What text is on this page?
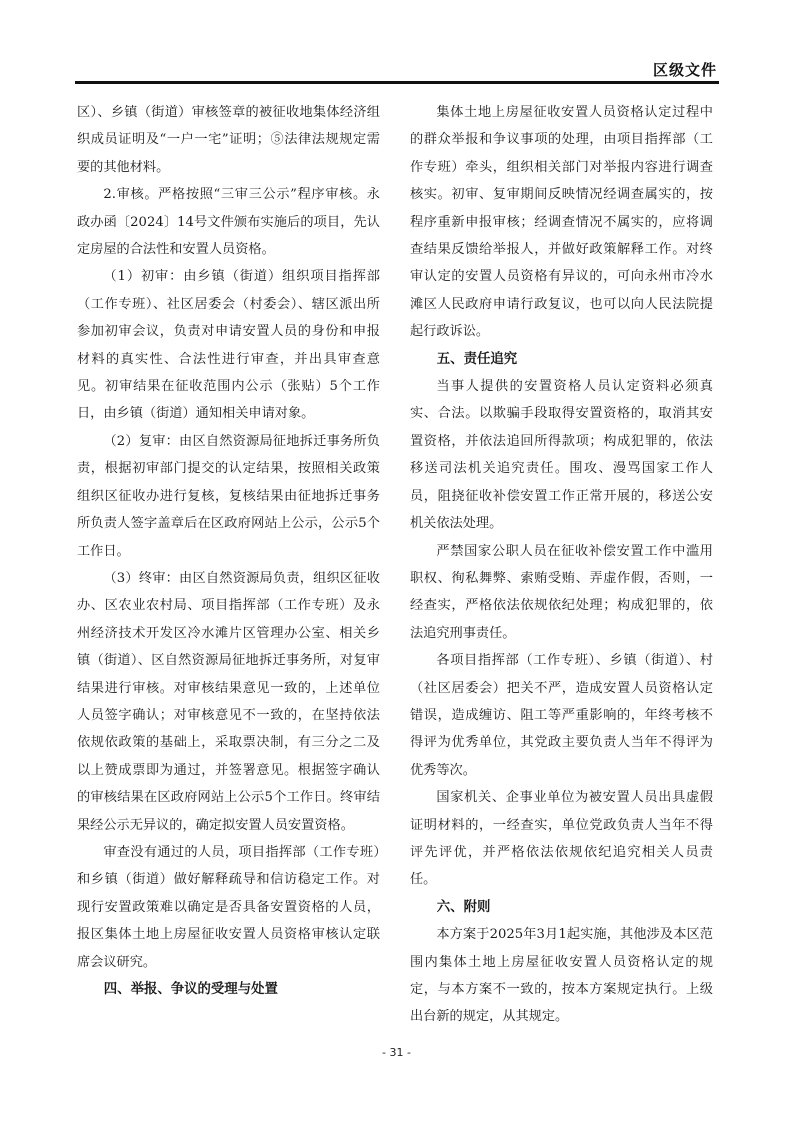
区级文件

区）、乡镇（街道）审核签章的被征收地集体经济组织成员证明及“一户一宅”证明；⑤法律法规规定需要的其他材料。

2.审核。严格按照“三审三公示”程序审核。永政办函〔2024〕14号文件颁布实施后的项目，先认定房屋的合法性和安置人员资格。

（1）初审：由乡镇（街道）组织项目指挥部（工作专班）、社区居委会（村委会）、辖区派出所参加初审会议，负责对申请安置人员的身份和申报材料的真实性、合法性进行审查，并出具审查意见。初审结果在征收范围内公示（张贴）5个工作日，由乡镇（街道）通知相关申请对象。

（2）复审：由区自然资源局征地拆迁事务所负责，根据初审部门提交的认定结果，按照相关政策组织区征收办进行复核，复核结果由征地拆迁事务所负责人签字盖章后在区政府网站上公示，公示5个工作日。

（3）终审：由区自然资源局负责，组织区征收办、区农业农村局、项目指挥部（工作专班）及永州经济技术开发区冷水滩片区管理办公室、相关乡镇（街道）、区自然资源局征地拆迁事务所，对复审结果进行审核。对审核结果意见一致的，上述单位人员签字确认；对审核意见不一致的，在坚持依法依规依政策的基础上，采取票决制，有三分之二及以上赞成票即为通过，并签署意见。根据签字确认的审核结果在区政府网站上公示5个工作日。终审结果经公示无异议的，确定拟安置人员安置资格。

审查没有通过的人员，项目指挥部（工作专班）和乡镇（街道）做好解释疏导和信访稳定工作。对现行安置政策难以确定是否具备安置资格的人员，报区集体土地上房屋征收安置人员资格审核认定联席会议研究。

四、举报、争议的受理与处置

集体土地上房屋征收安置人员资格认定过程中的群众举报和争议事项的处理，由项目指挥部（工作专班）牵头，组织相关部门对举报内容进行调查核实。初审、复审期间反映情况经调查属实的，按程序重新申报审核；经调查情况不属实的，应将调查结果反馈给举报人，并做好政策解释工作。对终审认定的安置人员资格有异议的，可向永州市冷水滩区人民政府申请行政复议，也可以向人民法院提起行政诉讼。

五、责任追究

当事人提供的安置资格人员认定资料必须真实、合法。以欺骗手段取得安置资格的，取消其安置资格，并依法追回所得款项；构成犯罪的，依法移送司法机关追究责任。围攻、漫骂国家工作人员，阻挠征收补偿安置工作正常开展的，移送公安机关依法处理。

严禁国家公职人员在征收补偿安置工作中滥用职权、徇私舞弊、索贿受贿、弄虚作假，否则，一经查实，严格依法依规依纪处理；构成犯罪的，依法追究刑事责任。

各项目指挥部（工作专班）、乡镇（街道）、村（社区居委会）把关不严，造成安置人员资格认定错误，造成缠访、阻工等严重影响的，年终考核不得评为优秀单位，其党政主要负责人当年不得评为优秀等次。

国家机关、企事业单位为被安置人员出具虚假证明材料的，一经查实，单位党政负责人当年不得评先评优，并严格依法依规依纪追究相关人员责任。

六、附则

本方案于2025年3月1起实施，其他涉及本区范围内集体土地上房屋征收安置人员资格认定的规定，与本方案不一致的，按本方案规定执行。上级出台新的规定，从其规定。

- 31 -
